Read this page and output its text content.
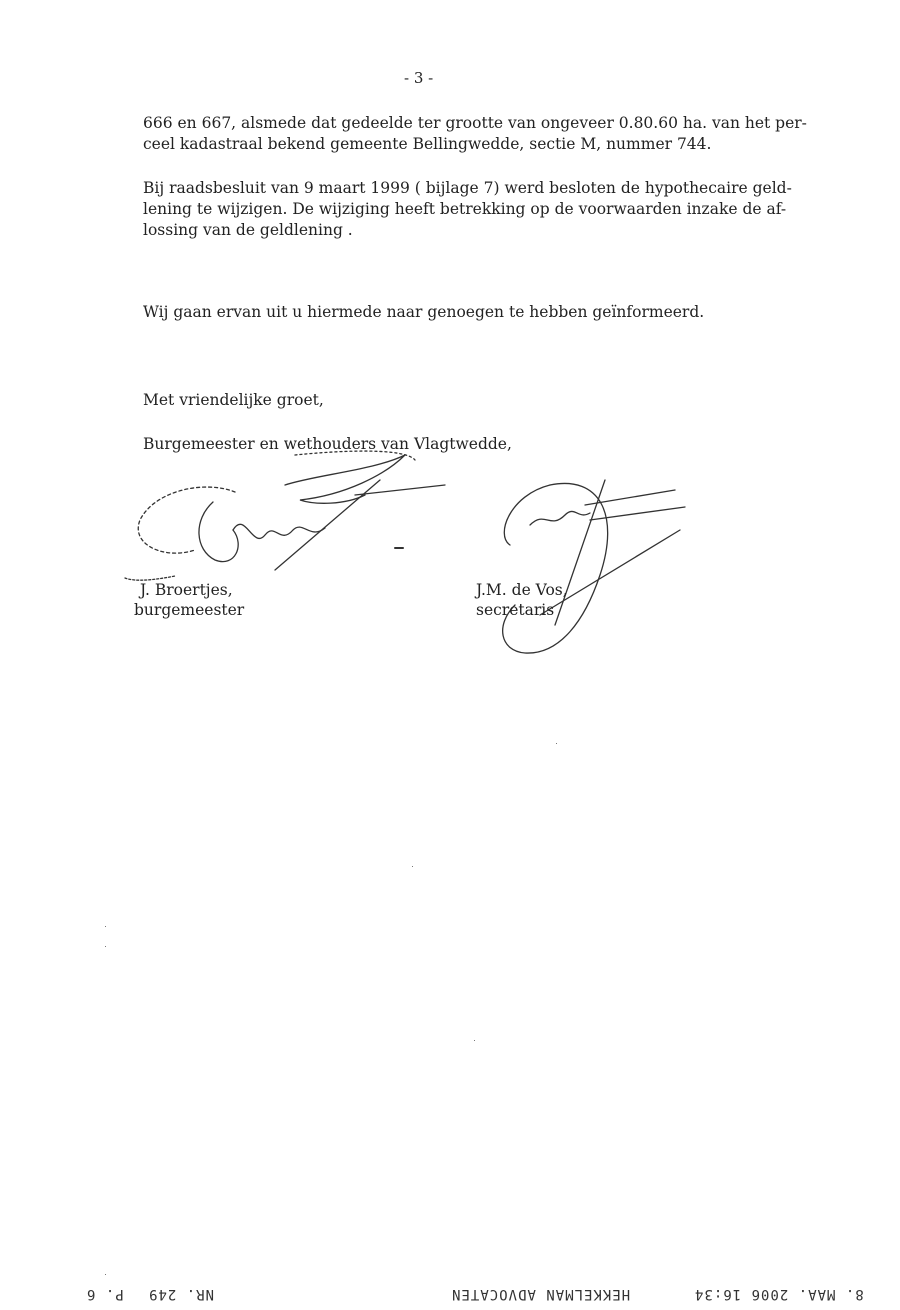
- 3 -
666 en 667, alsmede dat gedeelde ter grootte van ongeveer 0.80.60 ha. van het per-
ceel kadastraal bekend gemeente Bellingwedde, sectie M, nummer 744.
Bij raadsbesluit van 9 maart 1999 ( bijlage 7) werd besloten de hypothecaire geld-
lening te wijzigen. De wijziging heeft betrekking op de voorwaarden inzake de af-
lossing van de geldlening .
Wij gaan ervan uit u hiermede naar genoegen te hebben geïnformeerd.
Met vriendelijke groet,
Burgemeester en wethouders van Vlagtwedde,
J. Broertjes,
burgemeester
J.M. de Vos,
secretaris
P. 6 NR. 249	HEKKELMAN ADVOCATEN	8. MAA. 2006 16:34
